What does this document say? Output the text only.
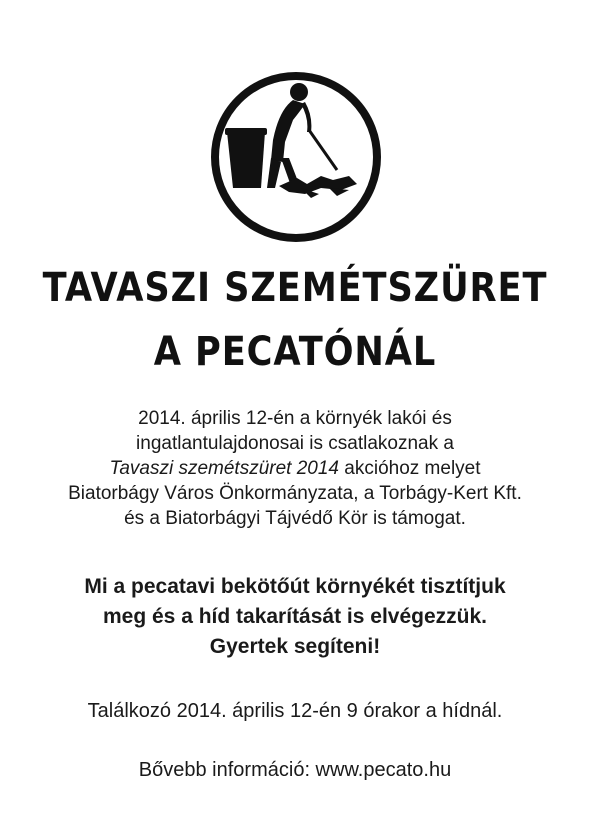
TAVASZI SZEMÉTSZÜRET
A PECATÓNÁL
2014. április 12-én a környék lakói és
ingatlantulajdonosai is csatlakoznak a
Tavaszi szemétszüret 2014 akcióhoz melyet
Biatorbágy Város Önkormányzata, a Torbágy-Kert Kft.
és a Biatorbágyi Tájvédő Kör is támogat.
Mi a pecatavi bekötőút környékét tisztítjuk
meg és a híd takarítását is elvégezzük.
Gyertek segíteni!
Találkozó 2014. április 12-én 9 órakor a hídnál.
Bővebb információ: www.pecato.hu
